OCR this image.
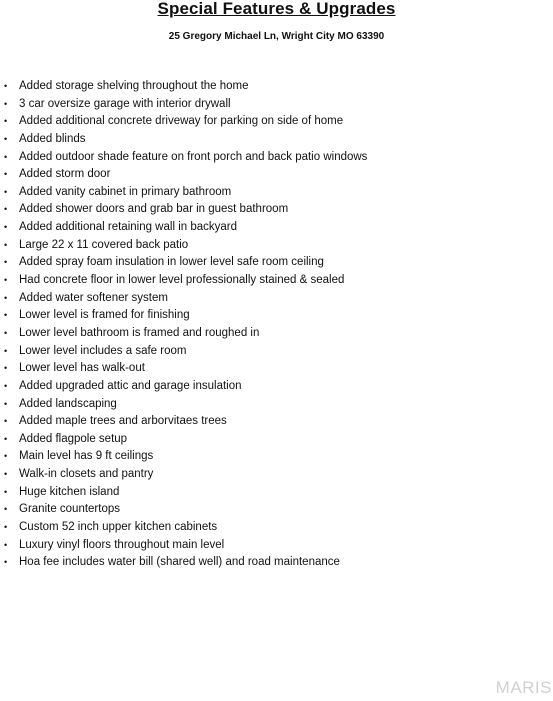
Special Features & Upgrades
25 Gregory Michael Ln, Wright City MO 63390
• Added storage shelving throughout the home
• 3 car oversize garage with interior drywall
• Added additional concrete driveway for parking on side of home
• Added blinds
• Added outdoor shade feature on front porch and back patio windows
• Added storm door
• Added vanity cabinet in primary bathroom
• Added shower doors and grab bar in guest bathroom
• Added additional retaining wall in backyard
• Large 22 x 11 covered back patio
• Added spray foam insulation in lower level safe room ceiling
• Had concrete floor in lower level professionally stained & sealed
• Added water softener system
• Lower level is framed for finishing
• Lower level bathroom is framed and roughed in
• Lower level includes a safe room
• Lower level has walk-out
• Added upgraded attic and garage insulation
• Added landscaping
• Added maple trees and arborvitaes trees
• Added flagpole setup
• Main level has 9 ft ceilings
• Walk-in closets and pantry
• Huge kitchen island
• Granite countertops
• Custom 52 inch upper kitchen cabinets
• Luxury vinyl floors throughout main level
• Hoa fee includes water bill (shared well) and road maintenance
MARIS
